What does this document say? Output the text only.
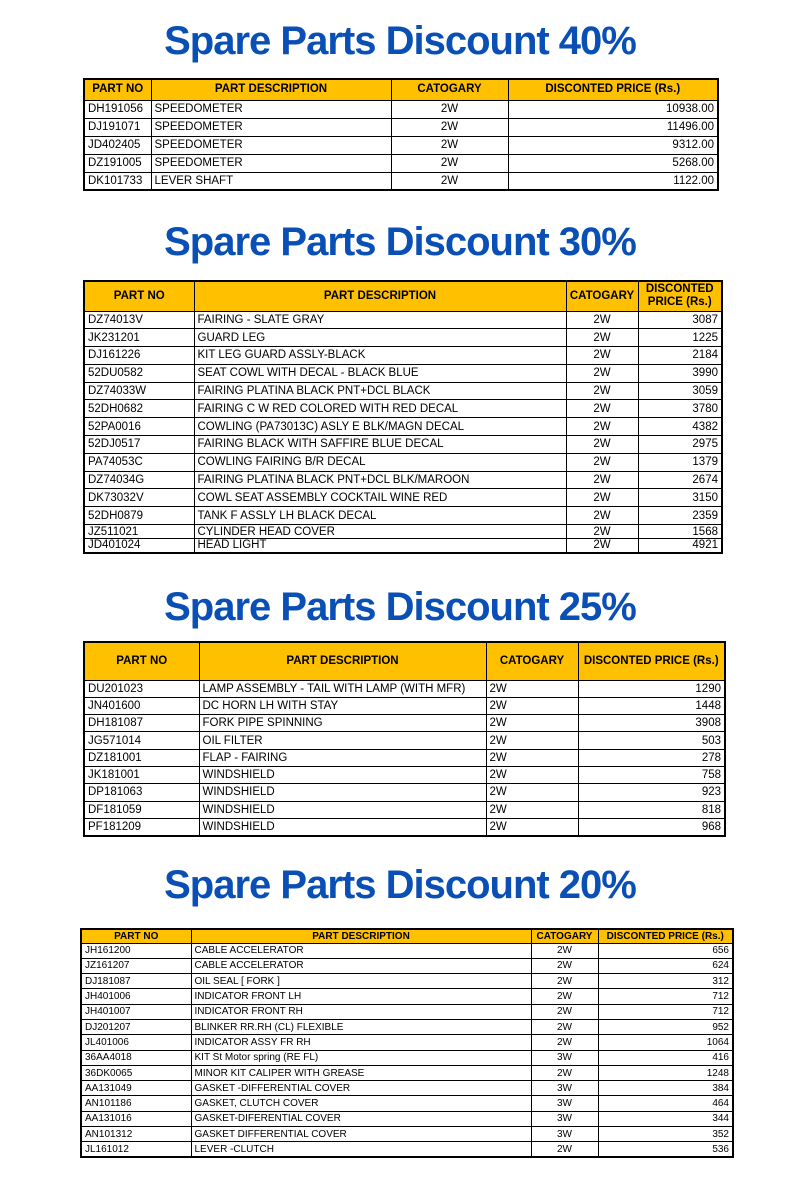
Spare Parts Discount 40%
PART NO	PART DESCRIPTION	CATOGARY	DISCONTED PRICE (Rs.)
DH191056	SPEEDOMETER	2W	10938.00
DJ191071	SPEEDOMETER	2W	11496.00
JD402405	SPEEDOMETER	2W	9312.00
DZ191005	SPEEDOMETER	2W	5268.00
DK101733	LEVER SHAFT	2W	1122.00
Spare Parts Discount 30%
PART NO	PART DESCRIPTION	CATOGARY	DISCONTED PRICE (Rs.)
DZ74013V	FAIRING - SLATE GRAY	2W	3087
JK231201	GUARD LEG	2W	1225
DJ161226	KIT LEG GUARD ASSLY-BLACK	2W	2184
52DU0582	SEAT COWL WITH DECAL - BLACK BLUE	2W	3990
DZ74033W	FAIRING PLATINA BLACK PNT+DCL BLACK	2W	3059
52DH0682	FAIRING C W RED COLORED WITH RED DECAL	2W	3780
52PA0016	COWLING (PA73013C) ASLY E BLK/MAGN DECAL	2W	4382
52DJ0517	FAIRING BLACK WITH SAFFIRE BLUE DECAL	2W	2975
PA74053C	COWLING FAIRING B/R DECAL	2W	1379
DZ74034G	FAIRING PLATINA BLACK PNT+DCL BLK/MAROON	2W	2674
DK73032V	COWL SEAT ASSEMBLY COCKTAIL WINE RED	2W	3150
52DH0879	TANK F ASSLY LH BLACK DECAL	2W	2359
JZ511021	CYLINDER HEAD COVER	2W	1568
JD401024	HEAD LIGHT	2W	4921
Spare Parts Discount 25%
PART NO	PART DESCRIPTION	CATOGARY	DISCONTED PRICE (Rs.)
DU201023	LAMP ASSEMBLY - TAIL WITH LAMP (WITH MFR)	2W	1290
JN401600	DC HORN LH WITH STAY	2W	1448
DH181087	FORK PIPE SPINNING	2W	3908
JG571014	OIL FILTER	2W	503
DZ181001	FLAP - FAIRING	2W	278
JK181001	WINDSHIELD	2W	758
DP181063	WINDSHIELD	2W	923
DF181059	WINDSHIELD	2W	818
PF181209	WINDSHIELD	2W	968
Spare Parts Discount 20%
PART NO	PART DESCRIPTION	CATOGARY	DISCONTED PRICE (Rs.)
JH161200	CABLE ACCELERATOR	2W	656
JZ161207	CABLE ACCELERATOR	2W	624
DJ181087	OIL SEAL [ FORK ]	2W	312
JH401006	INDICATOR FRONT LH	2W	712
JH401007	INDICATOR FRONT RH	2W	712
DJ201207	BLINKER RR.RH (CL) FLEXIBLE	2W	952
JL401006	INDICATOR ASSY FR RH	2W	1064
36AA4018	KIT St Motor spring (RE FL)	3W	416
36DK0065	MINOR KIT CALIPER WITH GREASE	2W	1248
AA131049	GASKET -DIFFERENTIAL COVER	3W	384
AN101186	GASKET, CLUTCH COVER	3W	464
AA131016	GASKET-DIFERENTIAL COVER	3W	344
AN101312	GASKET DIFFERENTIAL COVER	3W	352
JL161012	LEVER -CLUTCH	2W	536
